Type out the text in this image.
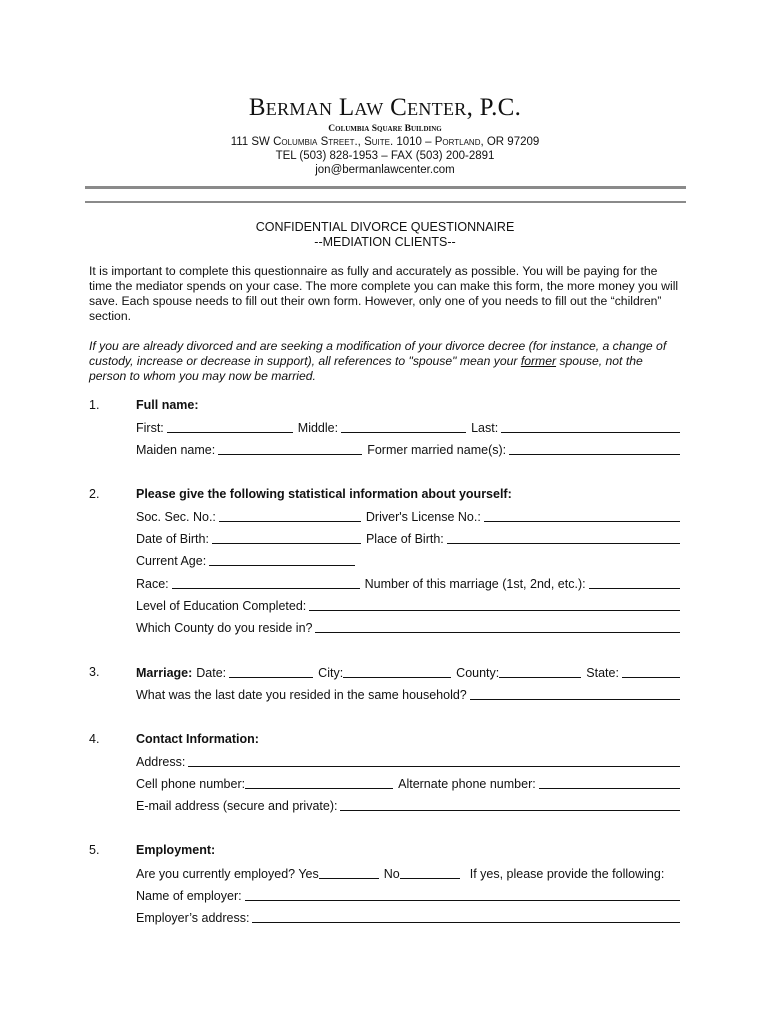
Berman Law Center, P.C.
Columbia Square Building
111 SW Columbia Street., Suite. 1010 – Portland, OR 97209
TEL (503) 828-1953 – FAX (503) 200-2891
jon@bermanlawcenter.com
CONFIDENTIAL DIVORCE QUESTIONNAIRE
--MEDIATION CLIENTS--

It is important to complete this questionnaire as fully and accurately as possible. You will be paying for the time the mediator spends on your case. The more complete you can make this form, the more money you will save. Each spouse needs to fill out their own form. However, only one of you needs to fill out the “children” section.

If you are already divorced and are seeking a modification of your divorce decree (for instance, a change of custody, increase or decrease in support), all references to "spouse" mean your former spouse, not the person to whom you may now be married.

1.	Full name:
First:	Middle:	Last:
Maiden name:	Former married name(s):
2.	Please give the following statistical information about yourself:
Soc. Sec. No.:	Driver's License No.:
Date of Birth:	Place of Birth:
Current Age:
Race:	Number of this marriage (1st, 2nd, etc.):
Level of Education Completed:
Which County do you reside in?
3.	Marriage: Date:	City:	County:	State:
What was the last date you resided in the same household?
4.	Contact Information:
Address:
Cell phone number:	Alternate phone number:
E-mail address (secure and private):
5.	Employment:
Are you currently employed? Yes	No	If yes, please provide the following:
Name of employer:
Employer’s address:
